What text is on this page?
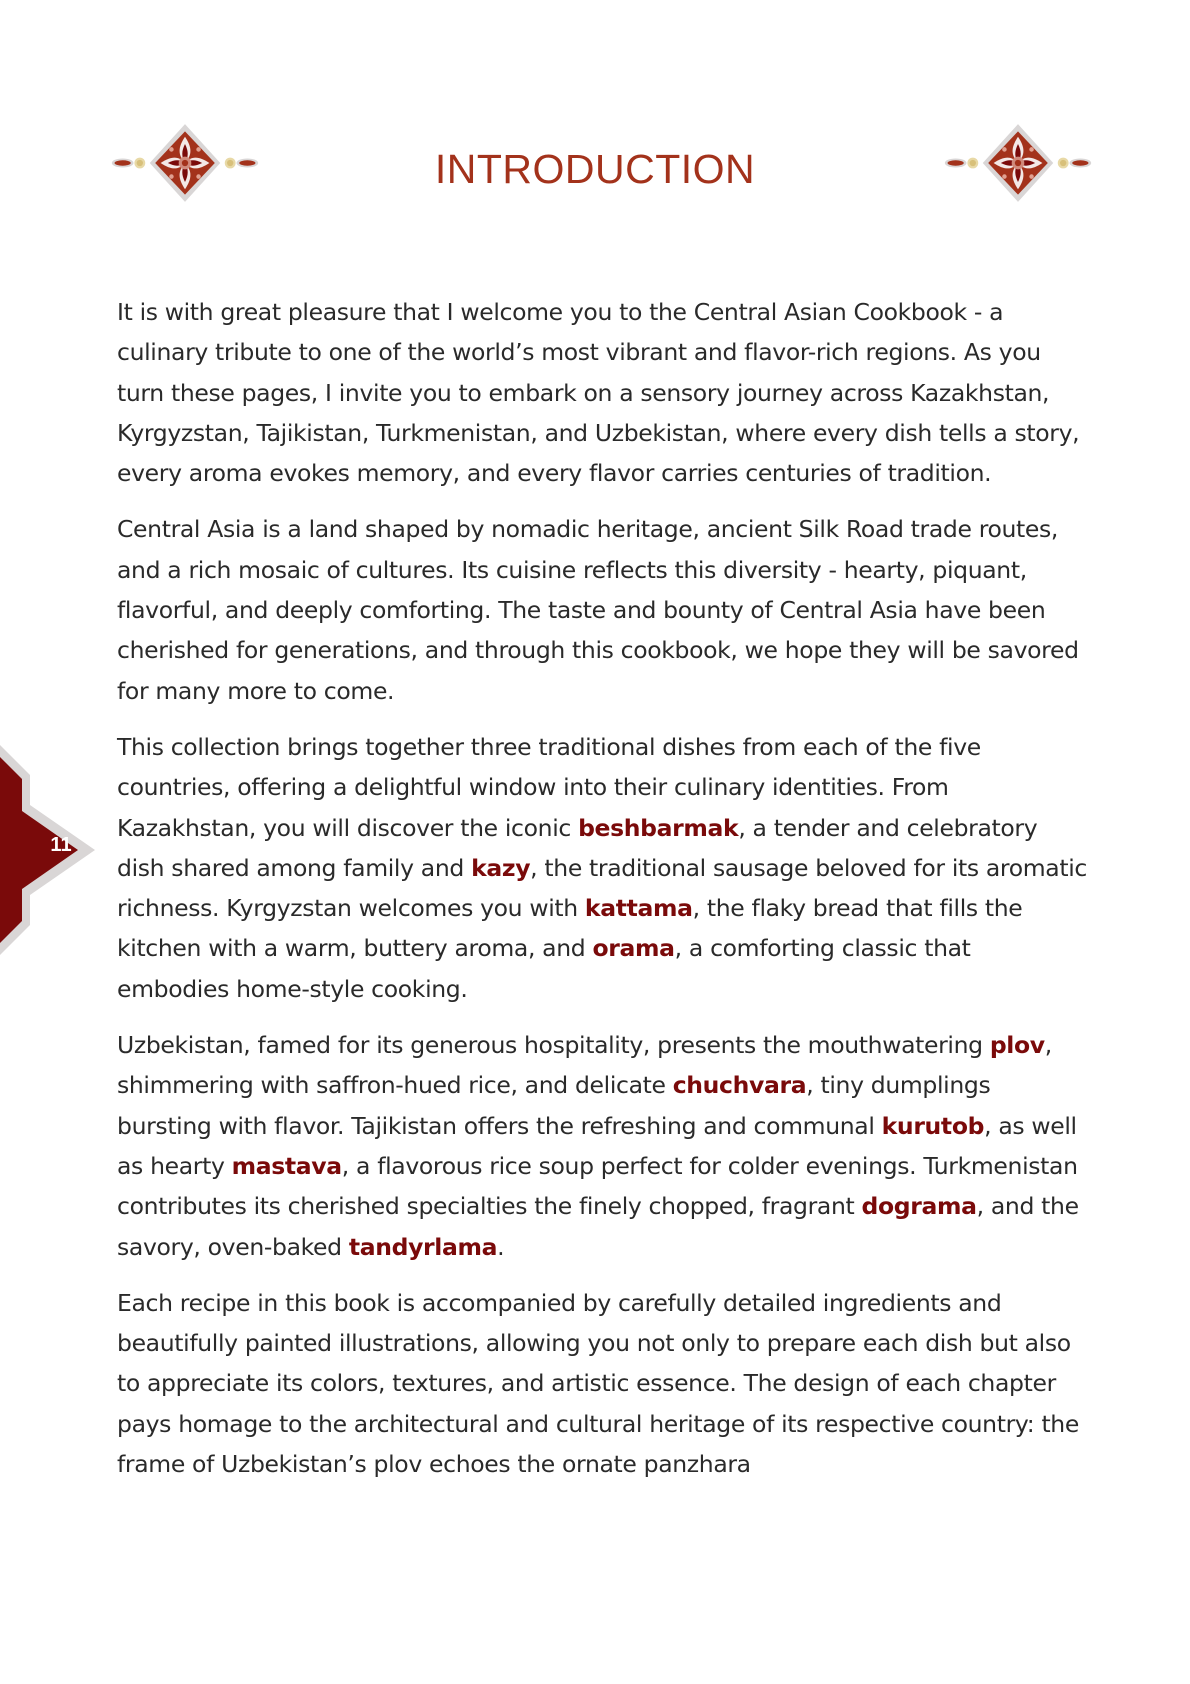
INTRODUCTION

It is with great pleasure that I welcome you to the Central Asian Cookbook - a culinary tribute to one of the world’s most vibrant and flavor-rich regions. As you turn these pages, I invite you to embark on a sensory journey across Kazakhstan, Kyrgyzstan, Tajikistan, Turkmenistan, and Uzbekistan, where every dish tells a story, every aroma evokes memory, and every flavor carries centuries of tradition.

Central Asia is a land shaped by nomadic heritage, ancient Silk Road trade routes, and a rich mosaic of cultures. Its cuisine reflects this diversity - hearty, piquant, flavorful, and deeply comforting. The taste and bounty of Central Asia have been cherished for generations, and through this cookbook, we hope they will be savored for many more to come.

This collection brings together three traditional dishes from each of the five countries, offering a delightful window into their culinary identities. From Kazakhstan, you will discover the iconic beshbarmak, a tender and celebratory dish shared among family and kazy, the traditional sausage beloved for its aromatic richness. Kyrgyzstan welcomes you with kattama, the flaky bread that fills the kitchen with a warm, buttery aroma, and orama, a comforting classic that embodies home-style cooking.

Uzbekistan, famed for its generous hospitality, presents the mouthwatering plov, shimmering with saffron-hued rice, and delicate chuchvara, tiny dumplings bursting with flavor. Tajikistan offers the refreshing and communal kurutob, as well as hearty mastava, a flavorous rice soup perfect for colder evenings. Turkmenistan contributes its cherished specialties the finely chopped, fragrant dograma, and the savory, oven-baked tandyrlama.

Each recipe in this book is accompanied by carefully detailed ingredients and beautifully painted illustrations, allowing you not only to prepare each dish but also to appreciate its colors, textures, and artistic essence. The design of each chapter pays homage to the architectural and cultural heritage of its respective country: the frame of Uzbekistan’s plov echoes the ornate panzhara

11
